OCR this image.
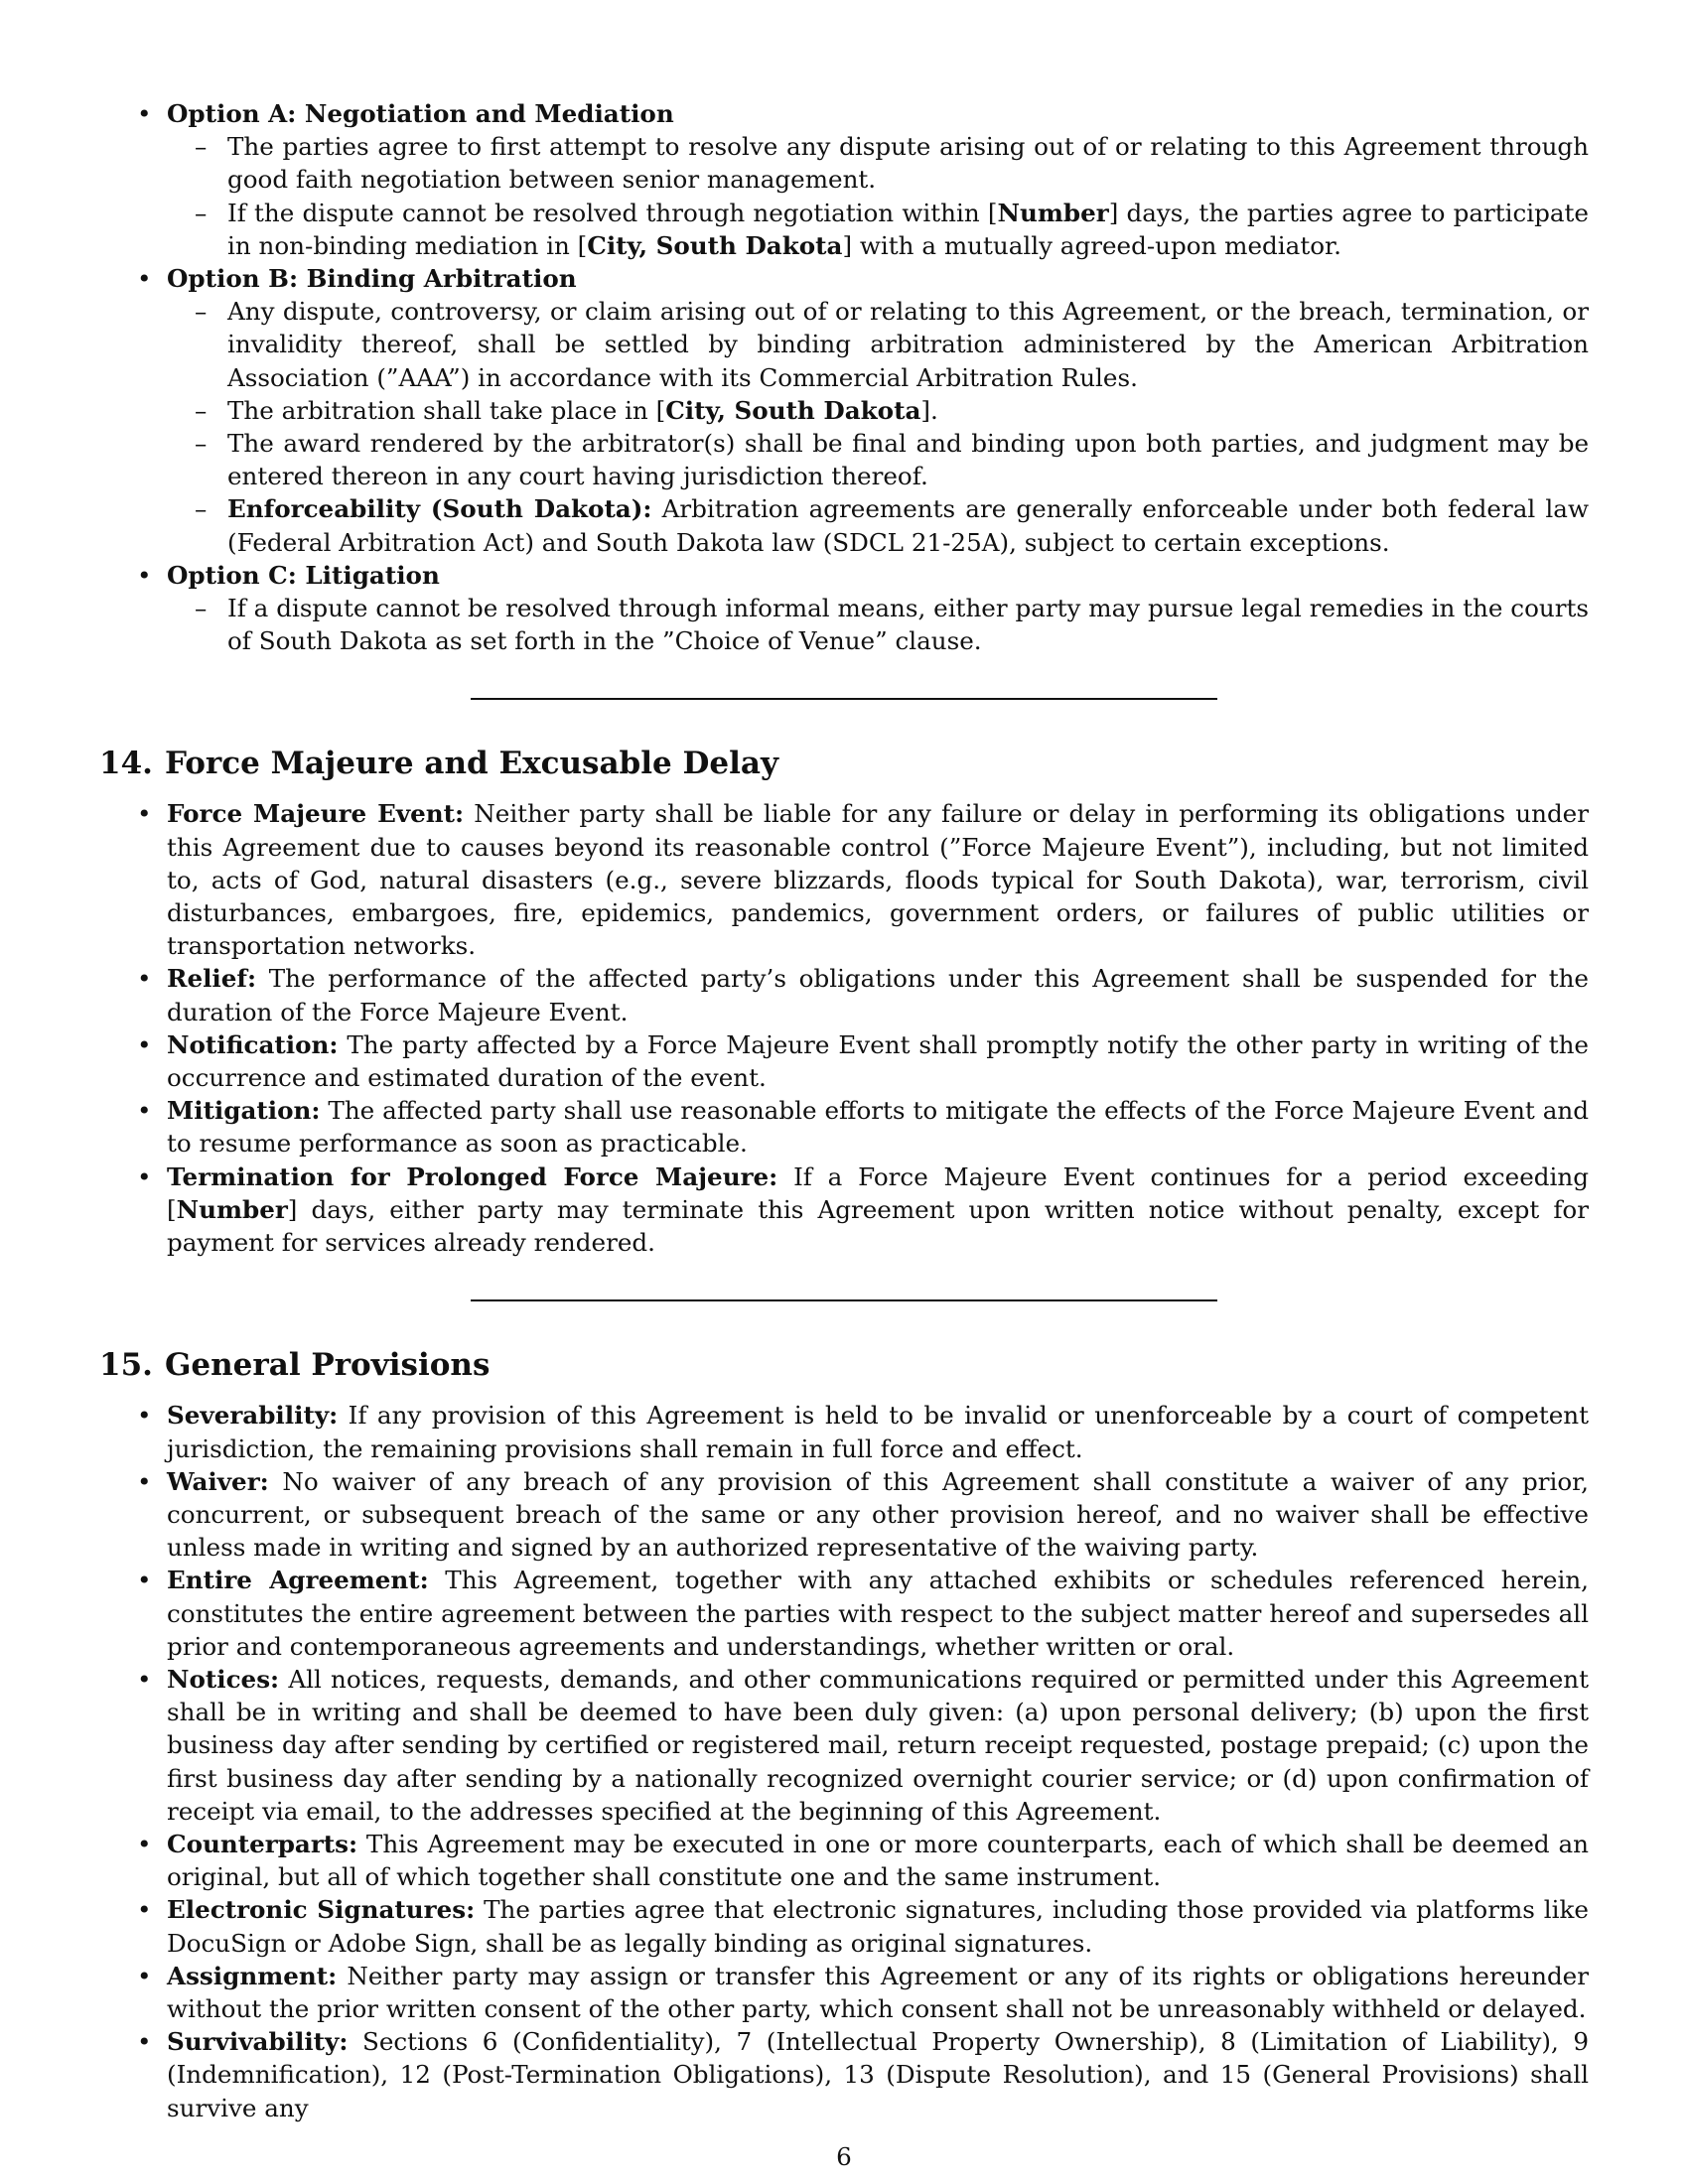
• Option A: Negotiation and Mediation
– The parties agree to first attempt to resolve any dispute arising out of or relating to this Agreement through good faith negotiation between senior management.
– If the dispute cannot be resolved through negotiation within [Number] days, the parties agree to participate in non-binding mediation in [City, South Dakota] with a mutually agreed-upon mediator.
• Option B: Binding Arbitration
– Any dispute, controversy, or claim arising out of or relating to this Agreement, or the breach, termination, or invalidity thereof, shall be settled by binding arbitration administered by the American Arbitration Association (”AAA”) in accordance with its Commercial Arbitration Rules.
– The arbitration shall take place in [City, South Dakota].
– The award rendered by the arbitrator(s) shall be final and binding upon both parties, and judgment may be entered thereon in any court having jurisdiction thereof.
– Enforceability (South Dakota): Arbitration agreements are generally enforceable under both federal law (Federal Arbitration Act) and South Dakota law (SDCL 21-25A), subject to certain exceptions.
• Option C: Litigation
– If a dispute cannot be resolved through informal means, either party may pursue legal remedies in the courts of South Dakota as set forth in the ”Choice of Venue” clause.
14. Force Majeure and Excusable Delay
• Force Majeure Event: Neither party shall be liable for any failure or delay in performing its obligations under this Agreement due to causes beyond its reasonable control (”Force Majeure Event”), including, but not limited to, acts of God, natural disasters (e.g., severe blizzards, floods typical for South Dakota), war, terrorism, civil disturbances, embargoes, fire, epidemics, pandemics, government orders, or failures of public utilities or transportation networks.
• Relief: The performance of the affected party’s obligations under this Agreement shall be suspended for the duration of the Force Majeure Event.
• Notification: The party affected by a Force Majeure Event shall promptly notify the other party in writing of the occurrence and estimated duration of the event.
• Mitigation: The affected party shall use reasonable efforts to mitigate the effects of the Force Majeure Event and to resume performance as soon as practicable.
• Termination for Prolonged Force Majeure: If a Force Majeure Event continues for a period exceeding [Number] days, either party may terminate this Agreement upon written notice without penalty, except for payment for services already rendered.
15. General Provisions
• Severability: If any provision of this Agreement is held to be invalid or unenforceable by a court of competent jurisdiction, the remaining provisions shall remain in full force and effect.
• Waiver: No waiver of any breach of any provision of this Agreement shall constitute a waiver of any prior, concurrent, or subsequent breach of the same or any other provision hereof, and no waiver shall be effective unless made in writing and signed by an authorized representative of the waiving party.
• Entire Agreement: This Agreement, together with any attached exhibits or schedules referenced herein, constitutes the entire agreement between the parties with respect to the subject matter hereof and supersedes all prior and contemporaneous agreements and understandings, whether written or oral.
• Notices: All notices, requests, demands, and other communications required or permitted under this Agreement shall be in writing and shall be deemed to have been duly given: (a) upon personal delivery; (b) upon the first business day after sending by certified or registered mail, return receipt requested, postage prepaid; (c) upon the first business day after sending by a nationally recognized overnight courier service; or (d) upon confirmation of receipt via email, to the addresses specified at the beginning of this Agreement.
• Counterparts: This Agreement may be executed in one or more counterparts, each of which shall be deemed an original, but all of which together shall constitute one and the same instrument.
• Electronic Signatures: The parties agree that electronic signatures, including those provided via platforms like DocuSign or Adobe Sign, shall be as legally binding as original signatures.
• Assignment: Neither party may assign or transfer this Agreement or any of its rights or obligations hereunder without the prior written consent of the other party, which consent shall not be unreasonably withheld or delayed.
• Survivability: Sections 6 (Confidentiality), 7 (Intellectual Property Ownership), 8 (Limitation of Liability), 9 (Indemnification), 12 (Post-Termination Obligations), 13 (Dispute Resolution), and 15 (General Provisions) shall survive any
6
